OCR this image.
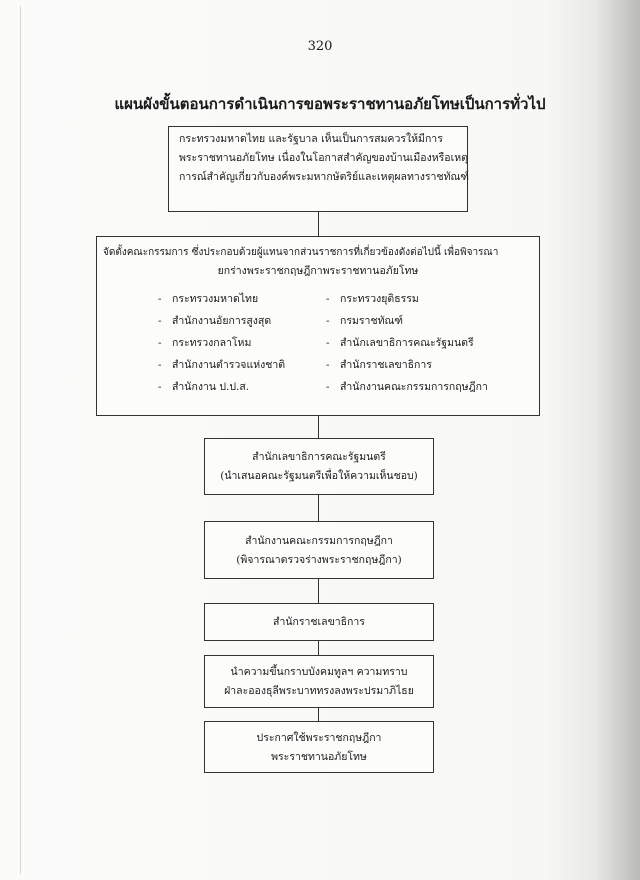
320
แผนผังขั้นตอนการดำเนินการขอพระราชทานอภัยโทษเป็นการทั่วไป
กระทรวงมหาดไทย และรัฐบาล เห็นเป็นการสมควรให้มีการ
พระราชทานอภัยโทษ เนื่องในโอกาสสำคัญของบ้านเมืองหรือเหตุ
การณ์สำคัญเกี่ยวกับองค์พระมหากษัตริย์และเหตุผลทางราชทัณฑ์
จัดตั้งคณะกรรมการ ซึ่งประกอบด้วยผู้แทนจากส่วนราชการที่เกี่ยวข้องดังต่อไปนี้ เพื่อพิจารณา
ยกร่างพระราชกฤษฎีกาพระราชทานอภัยโทษ
- กระทรวงมหาดไทย
- สำนักงานอัยการสูงสุด
- กระทรวงกลาโหม
- สำนักงานตำรวจแห่งชาติ
- สำนักงาน ป.ป.ส.
- กระทรวงยุติธรรม
- กรมราชทัณฑ์
- สำนักเลขาธิการคณะรัฐมนตรี
- สำนักราชเลขาธิการ
- สำนักงานคณะกรรมการกฤษฎีกา
สำนักเลขาธิการคณะรัฐมนตรี
(นำเสนอคณะรัฐมนตรีเพื่อให้ความเห็นชอบ)
สำนักงานคณะกรรมการกฤษฎีกา
(พิจารณาตรวจร่างพระราชกฤษฎีกา)
สำนักราชเลขาธิการ
นำความขึ้นกราบบังคมทูลฯ ความทราบ
ฝ่าละอองธุลีพระบาททรงลงพระปรมาภิไธย
ประกาศใช้พระราชกฤษฎีกา
พระราชทานอภัยโทษ
